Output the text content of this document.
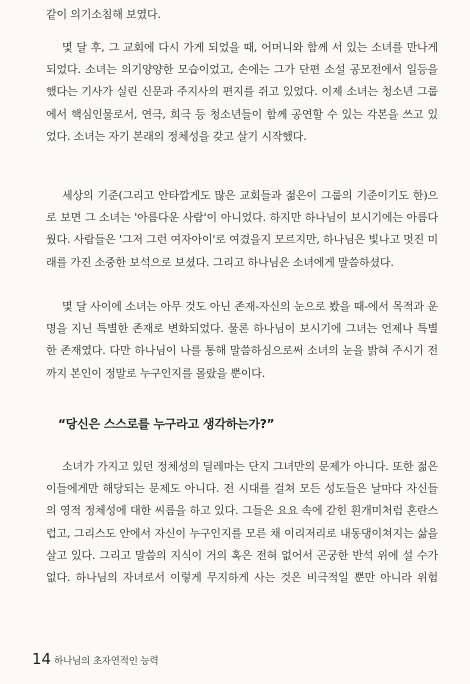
같이 의기소침해 보였다.

몇 달 후, 그 교회에 다시 가게 되었을 때, 어머니와 함께 서 있는 소녀를 만나게 되었다. 소녀는 의기양양한 모습이었고, 손에는 그가 단편 소설 공모전에서 일등을 했다는 기사가 실린 신문과 주지사의 편지를 쥐고 있었다. 이제 소녀는 청소년 그룹에서 핵심인물로서, 연극, 희극 등 청소년들이 함께 공연할 수 있는 각본을 쓰고 있었다. 소녀는 자기 본래의 정체성을 갖고 살기 시작했다.

세상의 기준(그리고 안타깝게도 많은 교회들과 젊은이 그룹의 기준이기도 한)으로 보면 그 소녀는 '아름다운 사람'이 아니었다. 하지만 하나님이 보시기에는 아름다웠다. 사람들은 '그저 그런 여자아이'로 여겼을지 모르지만, 하나님은 빛나고 멋진 미래를 가진 소중한 보석으로 보셨다. 그리고 하나님은 소녀에게 말씀하셨다.

몇 달 사이에 소녀는 아무 것도 아닌 존재-자신의 눈으로 봤을 때-에서 목적과 운명을 지닌 특별한 존재로 변화되었다. 물론 하나님이 보시기에 그녀는 언제나 특별한 존재였다. 다만 하나님이 나를 통해 말씀하심으로써 소녀의 눈을 밝혀 주시기 전까지 본인이 정말로 누구인지를 몰랐을 뿐이다.

“당신은 스스로를 누구라고 생각하는가?”

소녀가 가지고 있던 정체성의 딜레마는 단지 그녀만의 문제가 아니다. 또한 젊은이들에게만 해당되는 문제도 아니다. 전 시대를 걸쳐 모든 성도들은 날마다 자신들의 영적 정체성에 대한 씨름을 하고 있다. 그들은 요요 속에 갇힌 흰개미처럼 혼란스럽고, 그리스도 안에서 자신이 누구인지를 모른 채 이리저리로 내동댕이쳐지는 삶을 살고 있다. 그리고 말씀의 지식이 거의 혹은 전혀 없어서 곤궁한 반석 위에 설 수가 없다. 하나님의 자녀로서 이렇게 무지하게 사는 것은 비극적일 뿐만 아니라 위험

14 하나님의 초자연적인 능력
